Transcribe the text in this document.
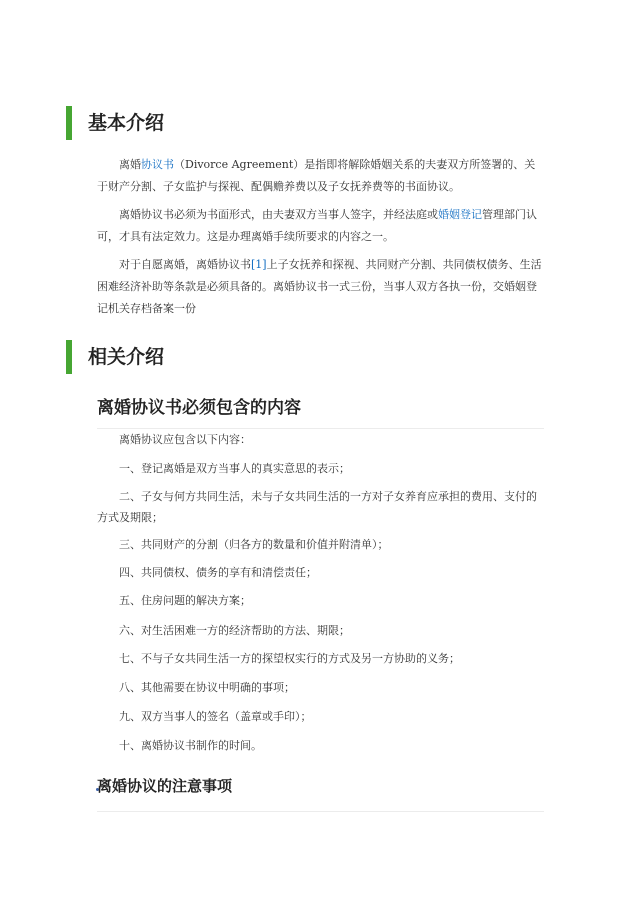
基本介绍

离婚协议书（Divorce Agreement）是指即将解除婚姻关系的夫妻双方所签署的、关于财产分割、子女监护与探视、配偶赡养费以及子女抚养费等的书面协议。

离婚协议书必须为书面形式，由夫妻双方当事人签字，并经法庭或婚姻登记管理部门认可，才具有法定效力。这是办理离婚手续所要求的内容之一。

对于自愿离婚，离婚协议书[1]上子女抚养和探视、共同财产分割、共同债权债务、生活困难经济补助等条款是必须具备的。离婚协议书一式三份，当事人双方各执一份，交婚姻登记机关存档备案一份

相关介绍
离婚协议书必须包含的内容

离婚协议应包含以下内容：

一、登记离婚是双方当事人的真实意思的表示；

二、子女与何方共同生活，未与子女共同生活的一方对子女养育应承担的费用、支付的方式及期限；

三、共同财产的分割（归各方的数量和价值并附清单）；

四、共同债权、债务的享有和清偿责任；

五、住房问题的解决方案；

六、对生活困难一方的经济帮助的方法、期限；

七、不与子女共同生活一方的探望权实行的方式及另一方协助的义务；

八、其他需要在协议中明确的事项；

九、双方当事人的签名（盖章或手印）；

十、离婚协议书制作的时间。

离婚协议的注意事项
